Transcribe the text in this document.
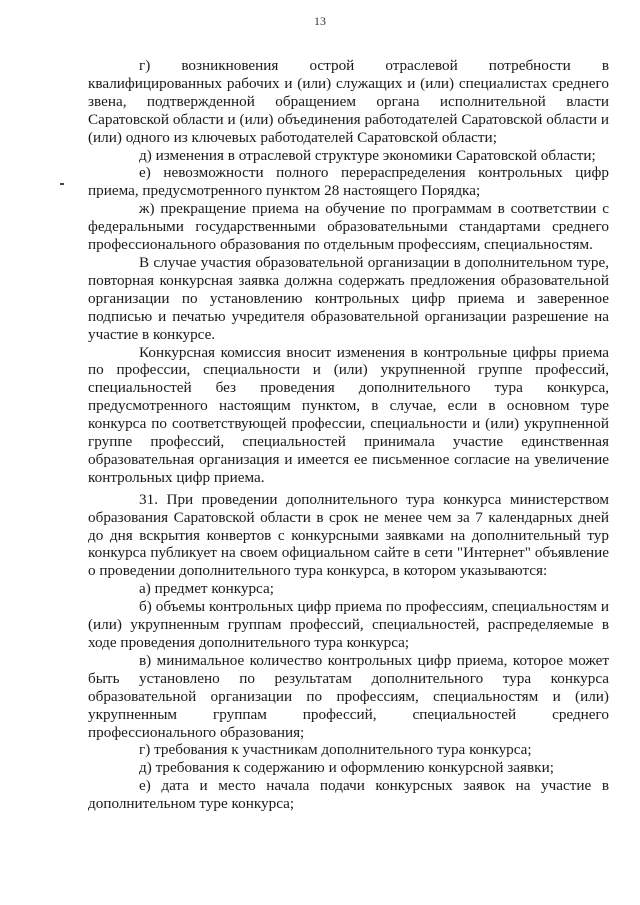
13

г) возникновения острой отраслевой потребности в квалифицированных рабочих и (или) служащих и (или) специалистах среднего звена, подтвержденной обращением органа исполнительной власти Саратовской области и (или) объединения работодателей Саратовской области и (или) одного из ключевых работодателей Саратовской области;

д) изменения в отраслевой структуре экономики Саратовской области;

е) невозможности полного перераспределения контрольных цифр приема, предусмотренного пунктом 28 настоящего Порядка;

ж) прекращение приема на обучение по программам в соответствии с федеральными государственными образовательными стандартами среднего профессионального образования по отдельным профессиям, специальностям.

В случае участия образовательной организации в дополнительном туре, повторная конкурсная заявка должна содержать предложения образовательной организации по установлению контрольных цифр приема и заверенное подписью и печатью учредителя образовательной организации разрешение на участие в конкурсе.

Конкурсная комиссия вносит изменения в контрольные цифры приема по профессии, специальности и (или) укрупненной группе профессий, специальностей без проведения дополнительного тура конкурса, предусмотренного настоящим пунктом, в случае, если в основном туре конкурса по соответствующей профессии, специальности и (или) укрупненной группе профессий, специальностей принимала участие единственная образовательная организация и имеется ее письменное согласие на увеличение контрольных цифр приема.

31. При проведении дополнительного тура конкурса министерством образования Саратовской области в срок не менее чем за 7 календарных дней до дня вскрытия конвертов с конкурсными заявками на дополнительный тур конкурса публикует на своем официальном сайте в сети "Интернет" объявление о проведении дополнительного тура конкурса, в котором указываются:

а) предмет конкурса;

б) объемы контрольных цифр приема по профессиям, специальностям и (или) укрупненным группам профессий, специальностей, распределяемые в ходе проведения дополнительного тура конкурса;

в) минимальное количество контрольных цифр приема, которое может быть установлено по результатам дополнительного тура конкурса образовательной организации по профессиям, специальностям и (или) укрупненным группам профессий, специальностей среднего профессионального образования;

г) требования к участникам дополнительного тура конкурса;

д) требования к содержанию и оформлению конкурсной заявки;

е) дата и место начала подачи конкурсных заявок на участие в дополнительном туре конкурса;
